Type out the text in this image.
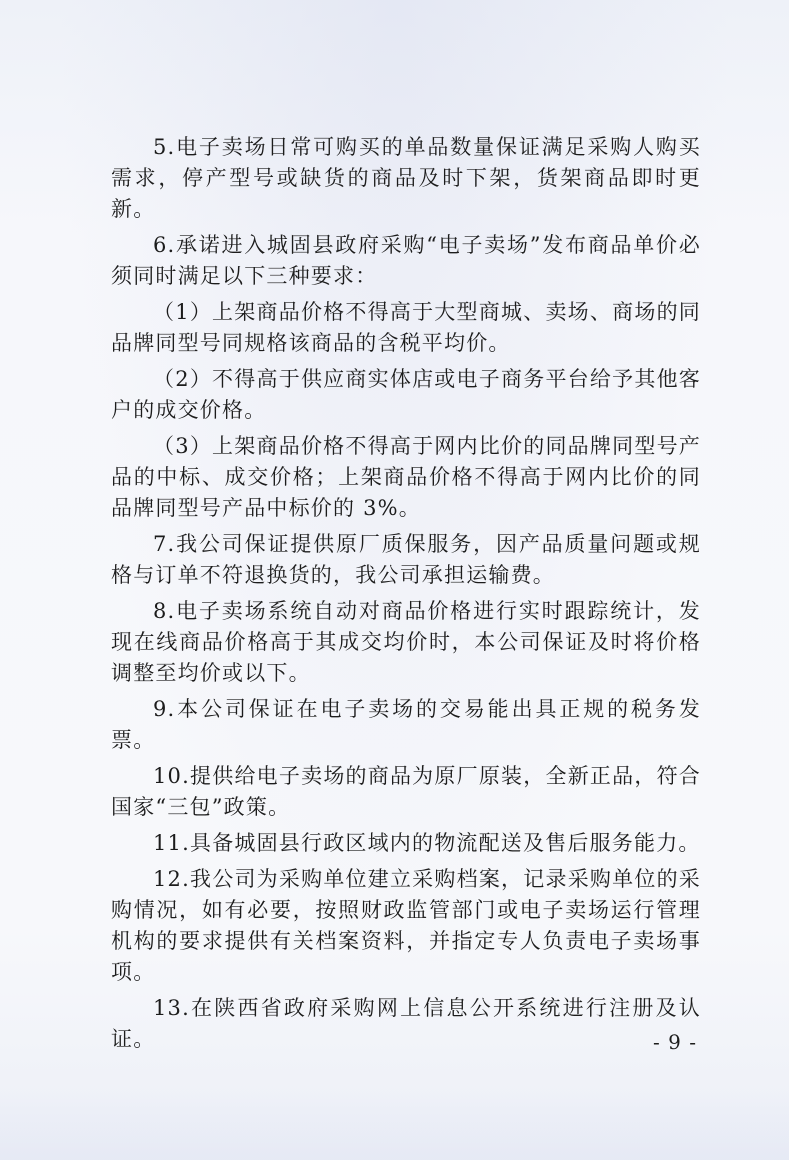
5.电子卖场日常可购买的单品数量保证满足采购人购买需求，停产型号或缺货的商品及时下架，货架商品即时更新。

6.承诺进入城固县政府采购“电子卖场”发布商品单价必须同时满足以下三种要求：

（1）上架商品价格不得高于大型商城、卖场、商场的同品牌同型号同规格该商品的含税平均价。

（2）不得高于供应商实体店或电子商务平台给予其他客户的成交价格。

（3）上架商品价格不得高于网内比价的同品牌同型号产品的中标、成交价格；上架商品价格不得高于网内比价的同品牌同型号产品中标价的 3%。

7.我公司保证提供原厂质保服务，因产品质量问题或规格与订单不符退换货的，我公司承担运输费。

8.电子卖场系统自动对商品价格进行实时跟踪统计，发现在线商品价格高于其成交均价时，本公司保证及时将价格调整至均价或以下。

9.本公司保证在电子卖场的交易能出具正规的税务发票。

10.提供给电子卖场的商品为原厂原装，全新正品，符合国家“三包”政策。

11.具备城固县行政区域内的物流配送及售后服务能力。

12.我公司为采购单位建立采购档案，记录采购单位的采购情况，如有必要，按照财政监管部门或电子卖场运行管理机构的要求提供有关档案资料，并指定专人负责电子卖场事项。

13.在陕西省政府采购网上信息公开系统进行注册及认证。	- 9 -
